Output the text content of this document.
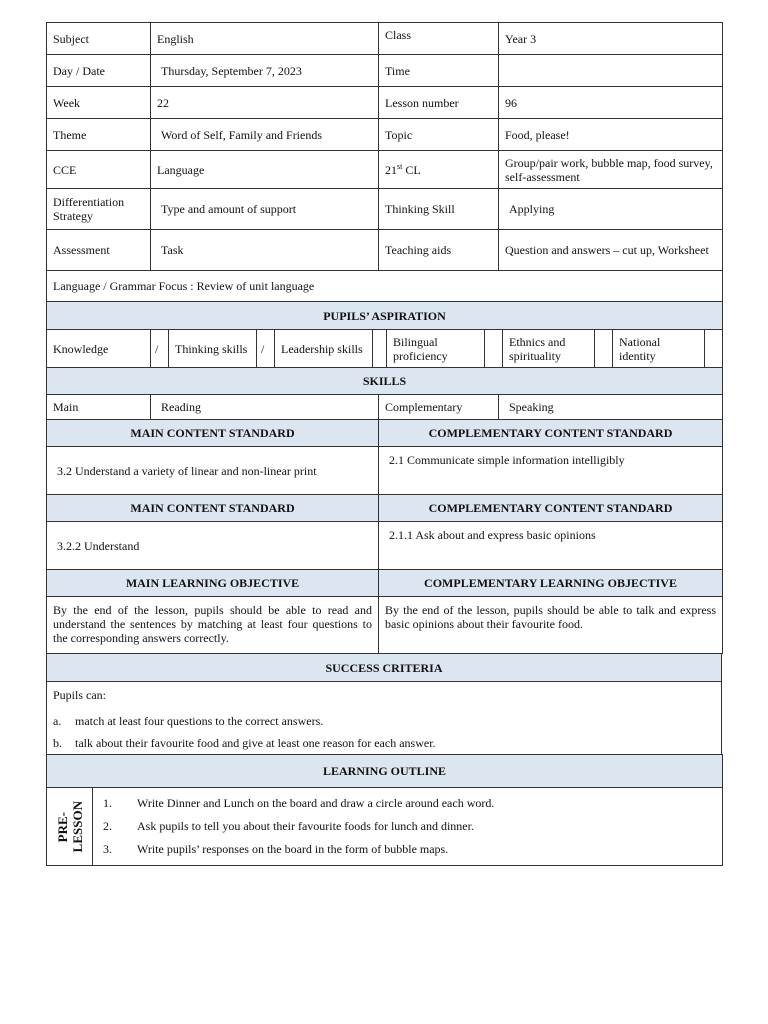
Subject	English	Class	Year 3
Day / Date	Thursday, September 7, 2023	Time	
Week	22	Lesson number	96
Theme	Word of Self, Family and Friends	Topic	Food, please!
CCE	Language	21st CL	Group/pair work, bubble map, food survey, self-assessment
Differentiation Strategy	Type and amount of support	Thinking Skill	Applying
Assessment	Task	Teaching aids	Question and answers – cut up, Worksheet
Language / Grammar Focus : Review of unit language			
PUPILS’ ASPIRATION
Knowledge	/	Thinking skills	/	Leadership skills		Bilingual proficiency		Ethnics and spirituality		National identity	
SKILLS
Main	Reading	Complementary	Speaking
MAIN CONTENT STANDARD	COMPLEMENTARY CONTENT STANDARD
3.2 Understand a variety of linear and non-linear print	2.1 Communicate simple information intelligibly
MAIN CONTENT STANDARD	COMPLEMENTARY CONTENT STANDARD
3.2.2 Understand	2.1.1 Ask about and express basic opinions
MAIN LEARNING OBJECTIVE	COMPLEMENTARY LEARNING OBJECTIVE
By the end of the lesson, pupils should be able to read and understand the sentences by matching at least four questions to the corresponding answers correctly.	By the end of the lesson, pupils should be able to talk and express basic opinions about their favourite food.
SUCCESS CRITERIA

Pupils can:
a.	match at least four questions to the correct answers.
b.	talk about their favourite food and give at least one reason for each answer.
LEARNING OUTLINE

PRE-
LESSON	1.	Write Dinner and Lunch on the board and draw a circle around each word.
2.	Ask pupils to tell you about their favourite foods for lunch and dinner.
3.	Write pupils’ responses on the board in the form of bubble maps.
